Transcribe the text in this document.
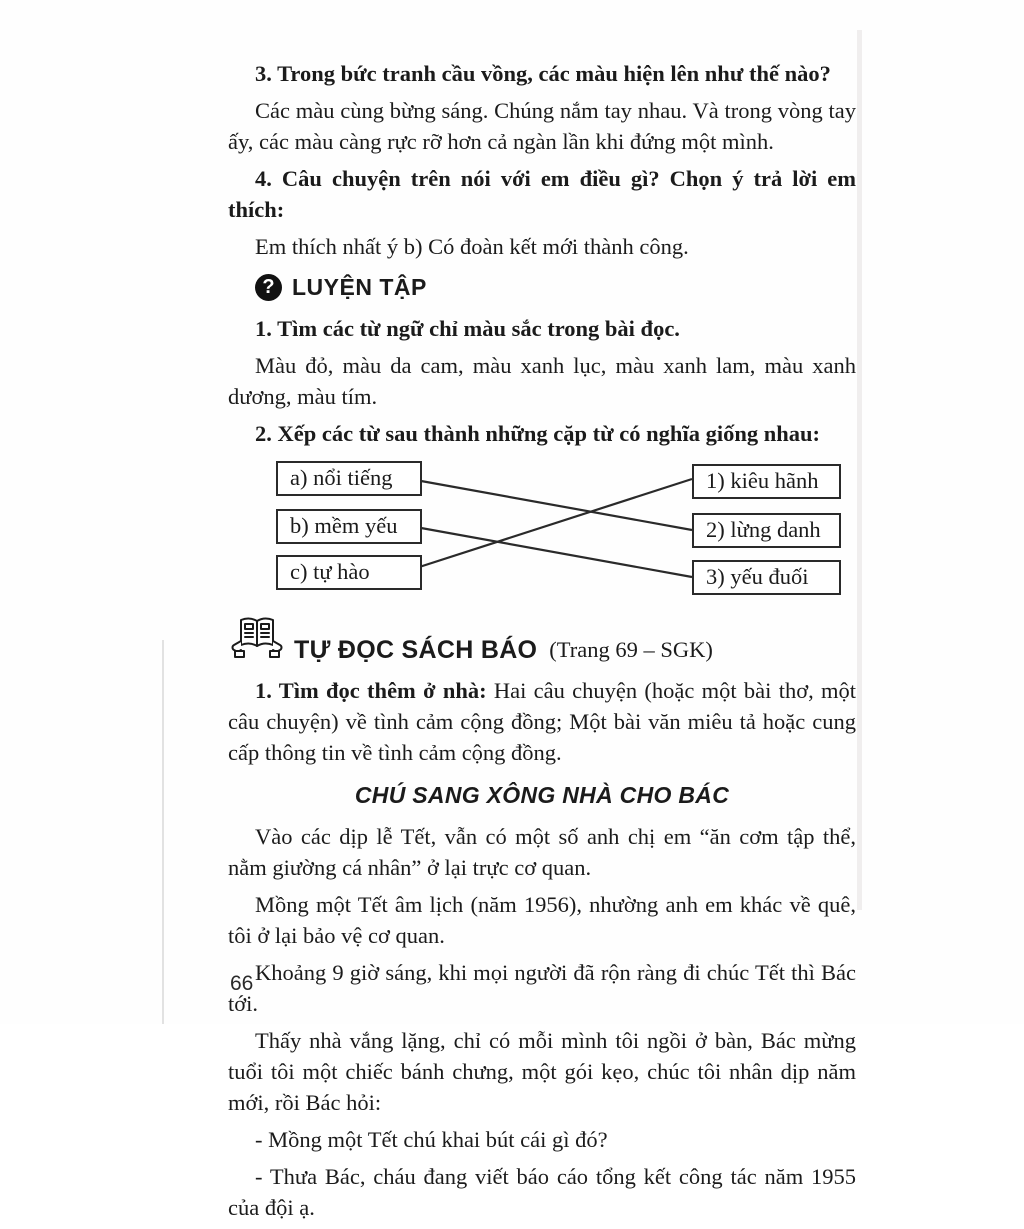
3. Trong bức tranh cầu vồng, các màu hiện lên như thế nào?

Các màu cùng bừng sáng. Chúng nắm tay nhau. Và trong vòng tay ấy, các màu càng rực rỡ hơn cả ngàn lần khi đứng một mình.

4. Câu chuyện trên nói với em điều gì? Chọn ý trả lời em thích:

Em thích nhất ý b) Có đoàn kết mới thành công.

? LUYỆN TẬP

1. Tìm các từ ngữ chỉ màu sắc trong bài đọc.

Màu đỏ, màu da cam, màu xanh lục, màu xanh lam, màu xanh dương, màu tím.

2. Xếp các từ sau thành những cặp từ có nghĩa giống nhau:

a) nổi tiếng
b) mềm yếu
c) tự hào
1) kiêu hãnh
2) lừng danh
3) yếu đuối
TỰ ĐỌC SÁCH BÁO (Trang 69 – SGK)

1. Tìm đọc thêm ở nhà: Hai câu chuyện (hoặc một bài thơ, một câu chuyện) về tình cảm cộng đồng; Một bài văn miêu tả hoặc cung cấp thông tin về tình cảm cộng đồng.

CHÚ SANG XÔNG NHÀ CHO BÁC

Vào các dịp lễ Tết, vẫn có một số anh chị em “ăn cơm tập thể, nằm giường cá nhân” ở lại trực cơ quan.

Mồng một Tết âm lịch (năm 1956), nhường anh em khác về quê, tôi ở lại bảo vệ cơ quan.

Khoảng 9 giờ sáng, khi mọi người đã rộn ràng đi chúc Tết thì Bác tới.

Thấy nhà vắng lặng, chỉ có mỗi mình tôi ngồi ở bàn, Bác mừng tuổi tôi một chiếc bánh chưng, một gói kẹo, chúc tôi nhân dịp năm mới, rồi Bác hỏi:

- Mồng một Tết chú khai bút cái gì đó?

- Thưa Bác, cháu đang viết báo cáo tổng kết công tác năm 1955 của đội ạ.

66
